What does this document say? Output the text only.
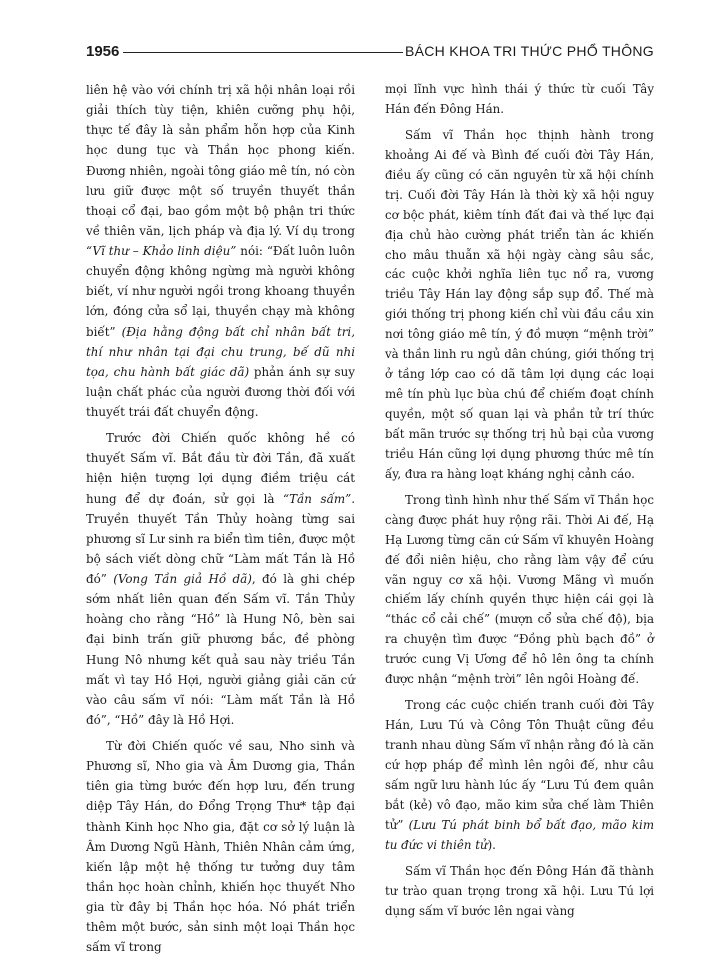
1956	BÁCH KHOA TRI THỨC PHỔ THÔNG

liên hệ vào với chính trị xã hội nhân loại rồi giải thích tùy tiện, khiên cưỡng phụ hội, thực tế đây là sản phẩm hỗn hợp của Kinh học dung tục và Thần học phong kiến. Đương nhiên, ngoài tông giáo mê tín, nó còn lưu giữ được một số truyền thuyết thần thoại cổ đại, bao gồm một bộ phận tri thức về thiên văn, lịch pháp và địa lý. Ví dụ trong “Vĩ thư – Khảo linh diệu” nói: “Đất luôn luôn chuyển động không ngừng mà người không biết, ví như người ngồi trong khoang thuyền lớn, đóng cửa sổ lại, thuyền chạy mà không biết” (Địa hằng động bất chỉ nhân bất tri, thí như nhân tại đại chu trung, bế dũ nhi tọa, chu hành bất giác dã) phản ánh sự suy luận chất phác của người đương thời đối với thuyết trái đất chuyển động.

Trước đời Chiến quốc không hề có thuyết Sấm vĩ. Bắt đầu từ đời Tần, đã xuất hiện hiện tượng lợi dụng điềm triệu cát hung để dự đoán, sử gọi là “Tần sấm”. Truyền thuyết Tần Thủy hoàng từng sai phương sĩ Lư sinh ra biển tìm tiên, được một bộ sách viết dòng chữ “Làm mất Tần là Hồ đó” (Vong Tần giả Hồ dã), đó là ghi chép sớm nhất liên quan đến Sấm vĩ. Tần Thủy hoàng cho rằng “Hồ” là Hung Nô, bèn sai đại binh trấn giữ phương bắc, đề phòng Hung Nô nhưng kết quả sau này triều Tần mất vì tay Hồ Hợi, người giảng giải căn cứ vào câu sấm vĩ nói: “Làm mất Tần là Hồ đó”, “Hồ” đây là Hồ Hợi.

Từ đời Chiến quốc về sau, Nho sinh và Phương sĩ, Nho gia và Âm Dương gia, Thần tiên gia từng bước đến hợp lưu, đến trung diệp Tây Hán, do Đổng Trọng Thư* tập đại thành Kinh học Nho gia, đặt cơ sở lý luận là Âm Dương Ngũ Hành, Thiên Nhân cảm ứng, kiến lập một hệ thống tư tưởng duy tâm thần học hoàn chỉnh, khiến học thuyết Nho gia từ đây bị Thần học hóa. Nó phát triển thêm một bước, sản sinh một loại Thần học sấm vĩ trong

mọi lĩnh vực hình thái ý thức từ cuối Tây Hán đến Đông Hán.

Sấm vĩ Thần học thịnh hành trong khoảng Ai đế và Bình đế cuối đời Tây Hán, điều ấy cũng có căn nguyên từ xã hội chính trị. Cuối đời Tây Hán là thời kỳ xã hội nguy cơ bộc phát, kiêm tính đất đai và thế lực đại địa chủ hào cường phát triển tàn ác khiến cho mâu thuẫn xã hội ngày càng sâu sắc, các cuộc khởi nghĩa liên tục nổ ra, vương triều Tây Hán lay động sắp sụp đổ. Thế mà giới thống trị phong kiến chỉ vùi đầu cầu xin nơi tông giáo mê tín, ý đồ mượn “mệnh trời” và thần linh ru ngủ dân chúng, giới thống trị ở tầng lớp cao có dã tâm lợi dụng các loại mê tín phù lục bùa chú để chiếm đoạt chính quyền, một số quan lại và phần tử trí thức bất mãn trước sự thống trị hủ bại của vương triều Hán cũng lợi dụng phương thức mê tín ấy, đưa ra hàng loạt kháng nghị cảnh cáo.

Trong tình hình như thế Sấm vĩ Thần học càng được phát huy rộng rãi. Thời Ai đế, Hạ Hạ Lương từng căn cứ Sấm vĩ khuyên Hoàng đế đổi niên hiệu, cho rằng làm vậy để cứu vãn nguy cơ xã hội. Vương Mãng vì muốn chiếm lấy chính quyền thực hiện cái gọi là “thác cổ cải chế” (mượn cổ sửa chế độ), bịa ra chuyện tìm được “Đồng phù bạch đồ” ở trước cung Vị Ương để hô lên ông ta chính được nhận “mệnh trời” lên ngôi Hoàng đế.

Trong các cuộc chiến tranh cuối đời Tây Hán, Lưu Tú và Công Tôn Thuật cũng đều tranh nhau dùng Sấm vĩ nhận rằng đó là căn cứ hợp pháp để mình lên ngôi đế, như câu sấm ngữ lưu hành lúc ấy “Lưu Tú đem quân bắt (kẻ) vô đạo, mão kim sửa chế làm Thiên tử” (Lưu Tú phát binh bổ bất đạo, mão kim tu đức vi thiên tử).

Sấm vĩ Thần học đến Đông Hán đã thành tư trào quan trọng trong xã hội. Lưu Tú lợi dụng sấm vĩ bước lên ngai vàng
